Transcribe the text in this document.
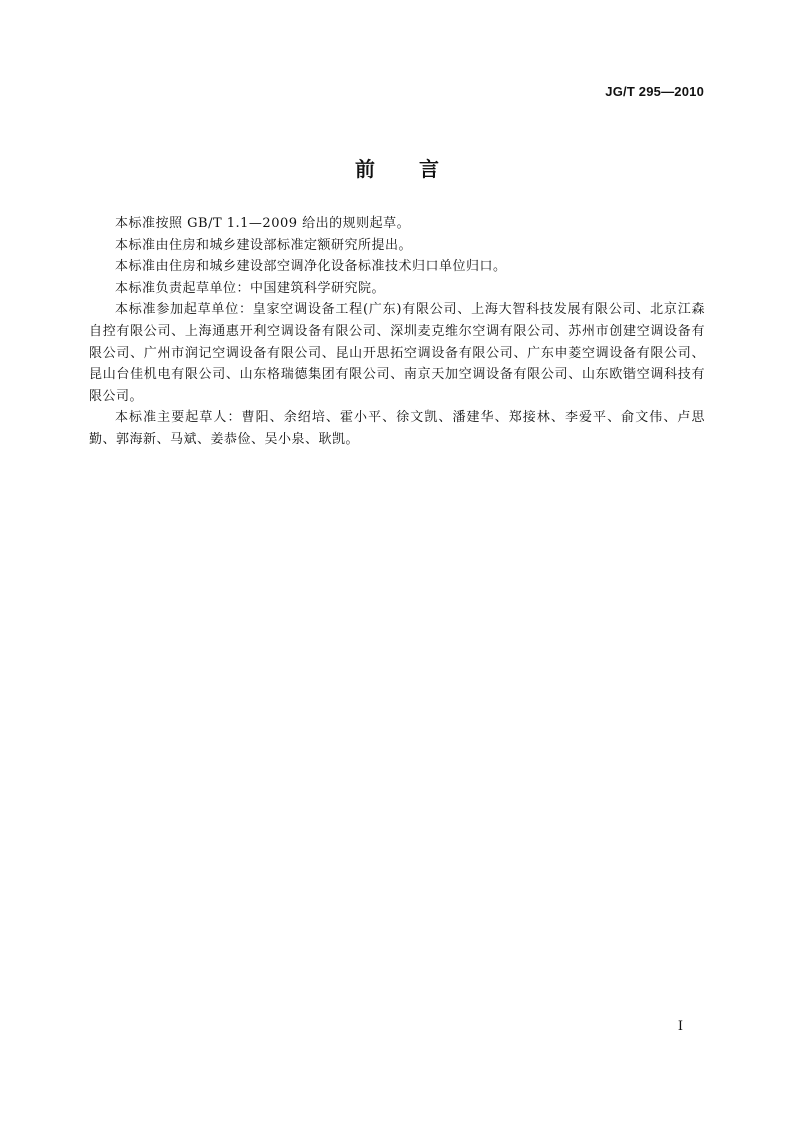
JG/T 295—2010
前言

本标准按照 GB/T 1.1—2009 给出的规则起草。

本标准由住房和城乡建设部标准定额研究所提出。

本标准由住房和城乡建设部空调净化设备标准技术归口单位归口。

本标准负责起草单位：中国建筑科学研究院。

本标准参加起草单位：皇家空调设备工程(广东)有限公司、上海大智科技发展有限公司、北京江森自控有限公司、上海通惠开利空调设备有限公司、深圳麦克维尔空调有限公司、苏州市创建空调设备有限公司、广州市润记空调设备有限公司、昆山开思拓空调设备有限公司、广东申菱空调设备有限公司、昆山台佳机电有限公司、山东格瑞德集团有限公司、南京天加空调设备有限公司、山东欧锴空调科技有限公司。

本标准主要起草人：曹阳、余绍培、霍小平、徐文凯、潘建华、郑接林、李爱平、俞文伟、卢思勤、郭海新、马斌、姜恭俭、吴小泉、耿凯。

I
